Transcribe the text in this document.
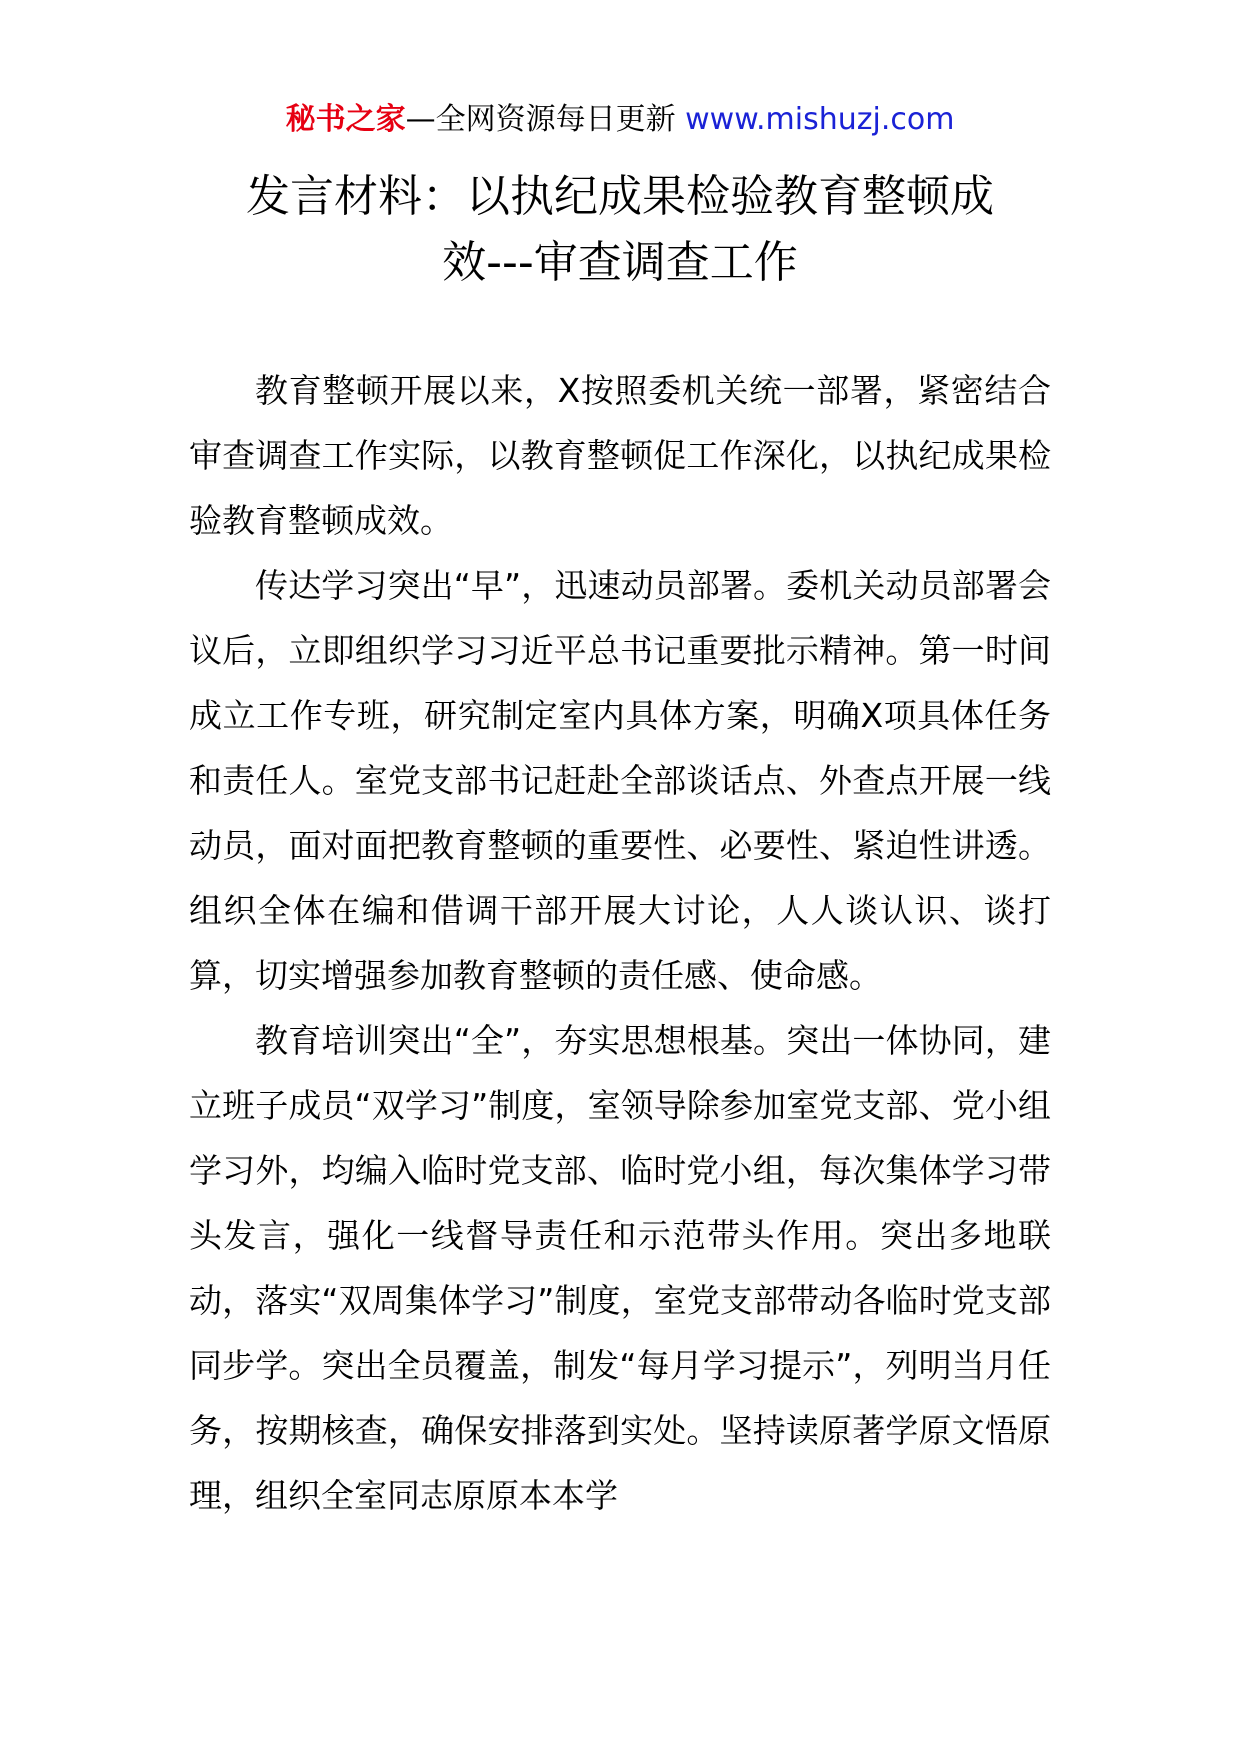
秘书之家—全网资源每日更新 www.mishuzj.com
发言材料：以执纪成果检验教育整顿成
效---审查调查工作

教育整顿开展以来，X按照委机关统一部署，紧密结合审查调查工作实际，以教育整顿促工作深化，以执纪成果检验教育整顿成效。

传达学习突出“早”，迅速动员部署。委机关动员部署会议后，立即组织学习习近平总书记重要批示精神。第一时间成立工作专班，研究制定室内具体方案，明确X项具体任务和责任人。室党支部书记赶赴全部谈话点、外查点开展一线动员，面对面把教育整顿的重要性、必要性、紧迫性讲透。组织全体在编和借调干部开展大讨论，人人谈认识、谈打算，切实增强参加教育整顿的责任感、使命感。

教育培训突出“全”，夯实思想根基。突出一体协同，建立班子成员“双学习”制度，室领导除参加室党支部、党小组学习外，均编入临时党支部、临时党小组，每次集体学习带头发言，强化一线督导责任和示范带头作用。突出多地联动，落实“双周集体学习”制度，室党支部带动各临时党支部同步学。突出全员覆盖，制发“每月学习提示”，列明当月任务，按期核查，确保安排落到实处。坚持读原著学原文悟原理，组织全室同志原原本本学
